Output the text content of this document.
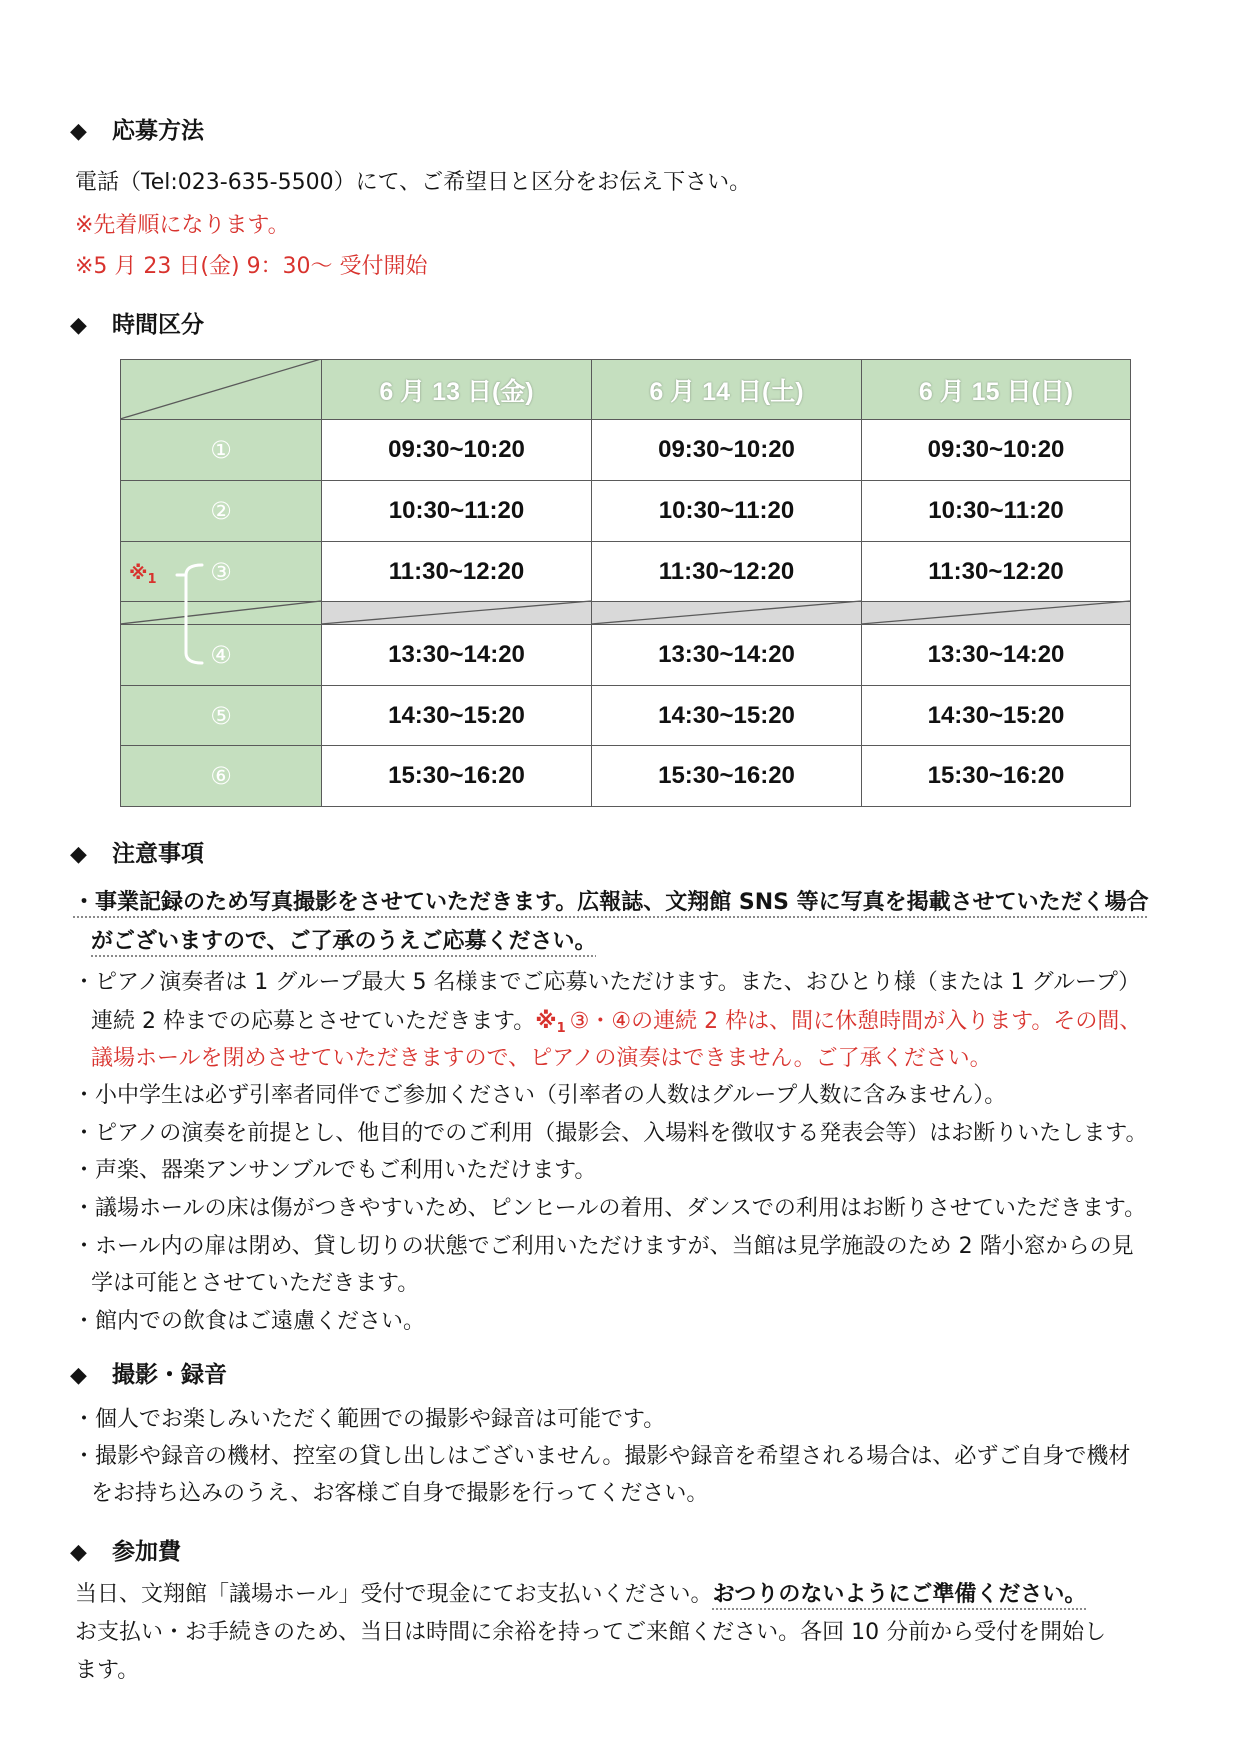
◆ 応募方法
電話（Tel:023-635-5500）にて、ご希望日と区分をお伝え下さい。
※先着順になります。
※5 月 23 日(金) 9：30～ 受付開始
◆ 時間区分
	6 月 13 日(金)	6 月 14 日(土)	6 月 15 日(日)
①	09:30~10:20	09:30~10:20	09:30~10:20
②	10:30~11:20	10:30~11:20	10:30~11:20
③	11:30~12:20	11:30~12:20	11:30~12:20

④	13:30~14:20	13:30~14:20	13:30~14:20
⑤	14:30~15:20	14:30~15:20	14:30~15:20
⑥	15:30~16:20	15:30~16:20	15:30~16:20
$※_1$
◆ 注意事項
・事業記録のため写真撮影をさせていただきます。広報誌、文翔館 SNS 等に写真を掲載させていただく場合
がございますので、ご了承のうえご応募ください。
・ピアノ演奏者は 1 グループ最大 5 名様までご応募いただけます。また、おひとり様（または 1 グループ）
連続 2 枠までの応募とさせていただきます。※1 ③・④の連続 2 枠は、間に休憩時間が入ります。その間、
議場ホールを閉めさせていただきますので、ピアノの演奏はできません。ご了承ください。
・小中学生は必ず引率者同伴でご参加ください（引率者の人数はグループ人数に含みません）。
・ピアノの演奏を前提とし、他目的でのご利用（撮影会、入場料を徴収する発表会等）はお断りいたします。
・声楽、器楽アンサンブルでもご利用いただけます。
・議場ホールの床は傷がつきやすいため、ピンヒールの着用、ダンスでの利用はお断りさせていただきます。
・ホール内の扉は閉め、貸し切りの状態でご利用いただけますが、当館は見学施設のため 2 階小窓からの見
学は可能とさせていただきます。
・館内での飲食はご遠慮ください。
◆ 撮影・録音
・個人でお楽しみいただく範囲での撮影や録音は可能です。
・撮影や録音の機材、控室の貸し出しはございません。撮影や録音を希望される場合は、必ずご自身で機材
をお持ち込みのうえ、お客様ご自身で撮影を行ってください。
◆ 参加費
当日、文翔館「議場ホール」受付で現金にてお支払いください。おつりのないようにご準備ください。
お支払い・お手続きのため、当日は時間に余裕を持ってご来館ください。各回 10 分前から受付を開始し
ます。
